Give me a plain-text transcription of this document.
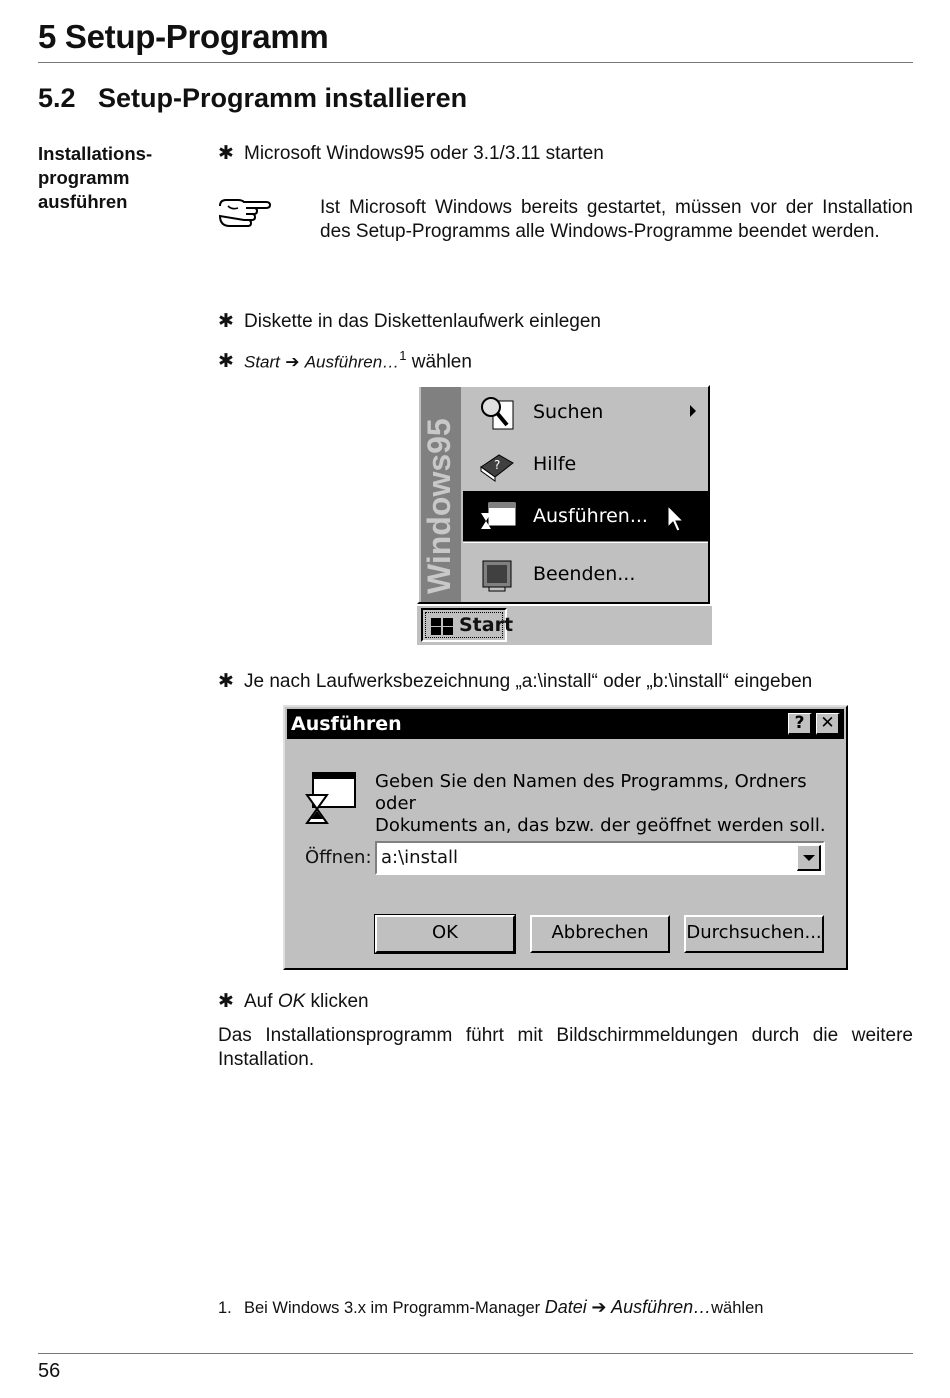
5 Setup-Programm
5.2 Setup-Programm installieren
Installations-
programm
ausführen
✱ Microsoft Windows95 oder 3.1/3.11 starten
Ist Microsoft Windows bereits gestartet, müssen vor der Installation des Setup-Programms alle Windows-Programme beendet werden.
✱ Diskette in das Diskettenlaufwerk einlegen
✱ Start ➔ Ausführen…$^1$ wählen
Windows95
Suchen
? Hilfe
Ausführen...
Beenden...
Start
✱ Je nach Laufwerksbezeichnung „a:\install“ oder „b:\install“ eingeben
Ausführen	? ✕
Geben Sie den Namen des Programms, Ordners oder
Dokuments an, das bzw. der geöffnet werden soll.
Öffnen: a:\install
OK	Abbrechen	Durchsuchen...
✱ Auf OK klicken
Das Installationsprogramm führt mit Bildschirmmeldungen durch die weitere Installation.
1. Bei Windows 3.x im Programm-Manager Datei ➔ Ausführen…wählen
56
